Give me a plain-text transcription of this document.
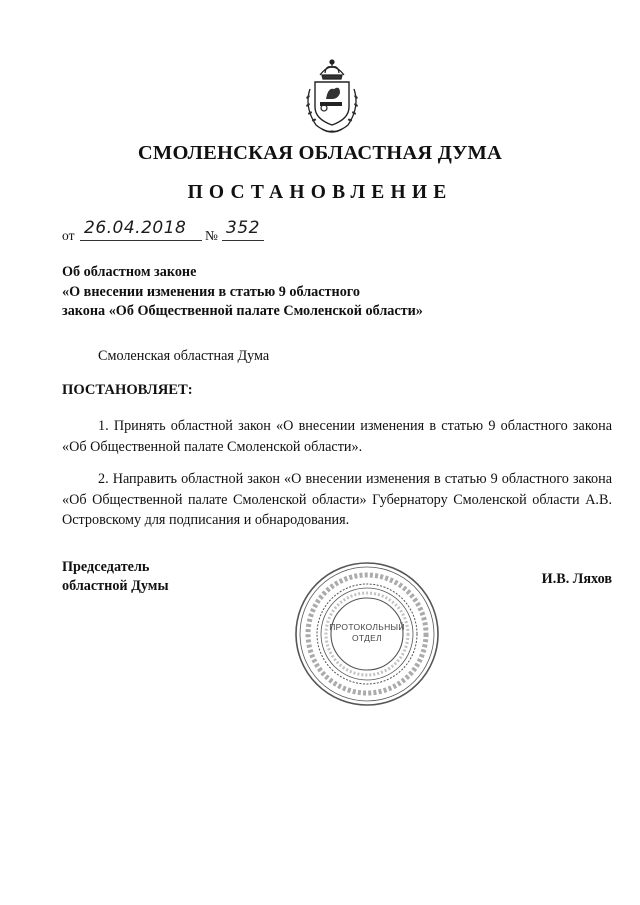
СМОЛЕНСКАЯ ОБЛАСТНАЯ ДУМА
ПОСТАНОВЛЕНИЕ
от 26.04.2018 № 352
Об областном законе
«О внесении изменения в статью 9 областного
закона «Об Общественной палате Смоленской области»
Смоленская областная Дума
ПОСТАНОВЛЯЕТ:
1. Принять областной закон «О внесении изменения в статью 9 областного закона «Об Общественной палате Смоленской области».
2. Направить областной закон «О внесении изменения в статью 9 областного закона «Об Общественной палате Смоленской области» Губернатору Смоленской области А.В. Островскому для подписания и обнародования.
Председатель
областной Думы	И.В. Ляхов
ПРОТОКОЛЬНЫЙ
ОТДЕЛ
